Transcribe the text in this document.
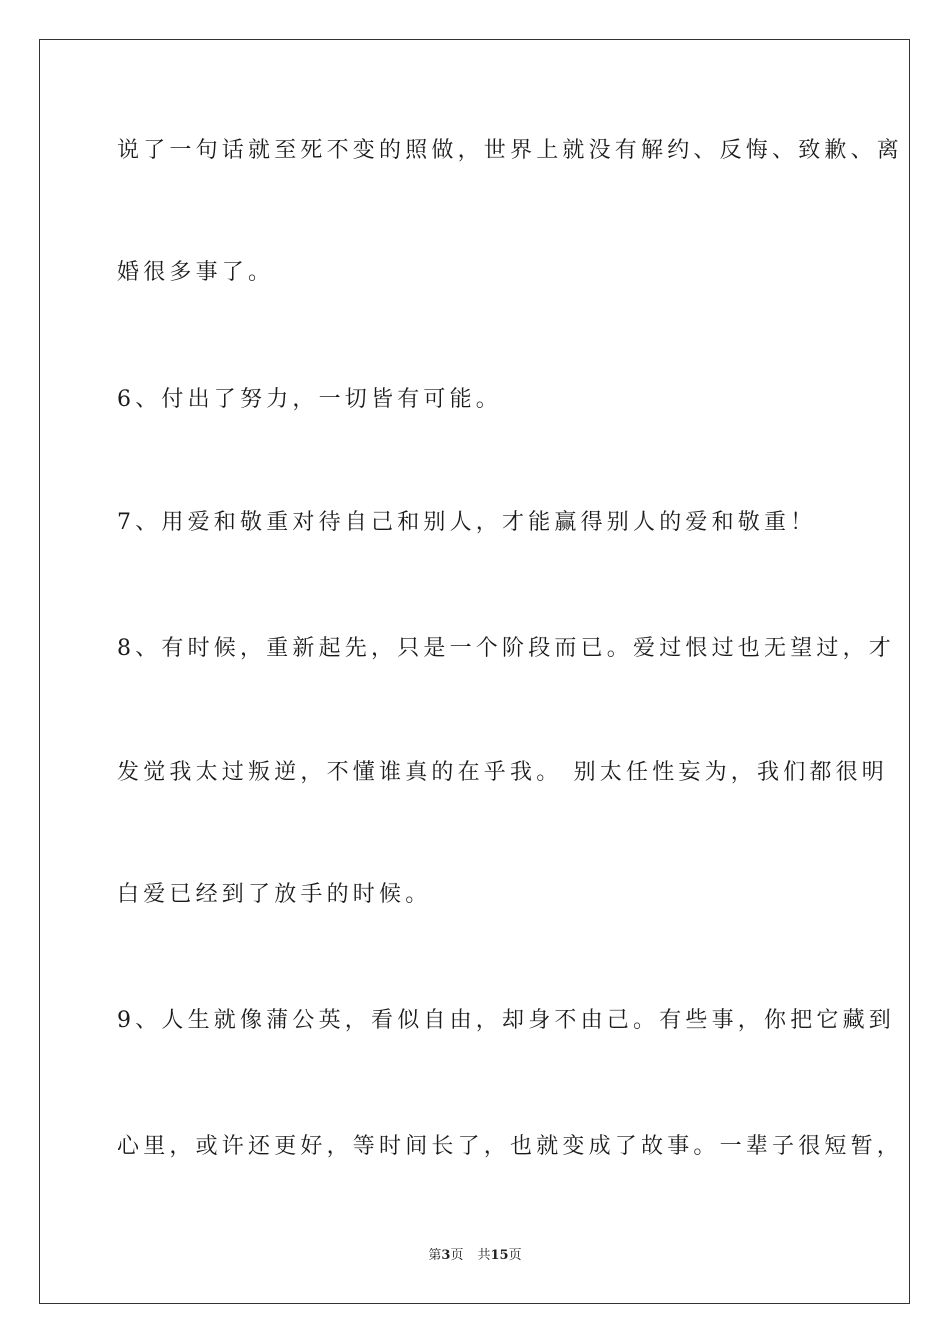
说了一句话就至死不变的照做，世界上就没有解约、反悔、致歉、离
婚很多事了。
6、付出了努力，一切皆有可能。
7、用爱和敬重对待自己和别人，才能赢得别人的爱和敬重！
8、有时候，重新起先，只是一个阶段而已。爱过恨过也无望过，才
发觉我太过叛逆，不懂谁真的在乎我。 别太任性妄为，我们都很明
白爱已经到了放手的时候。
9、人生就像蒲公英，看似自由，却身不由己。有些事，你把它藏到
心里，或许还更好，等时间长了，也就变成了故事。一辈子很短暂，
第3页 共15页
